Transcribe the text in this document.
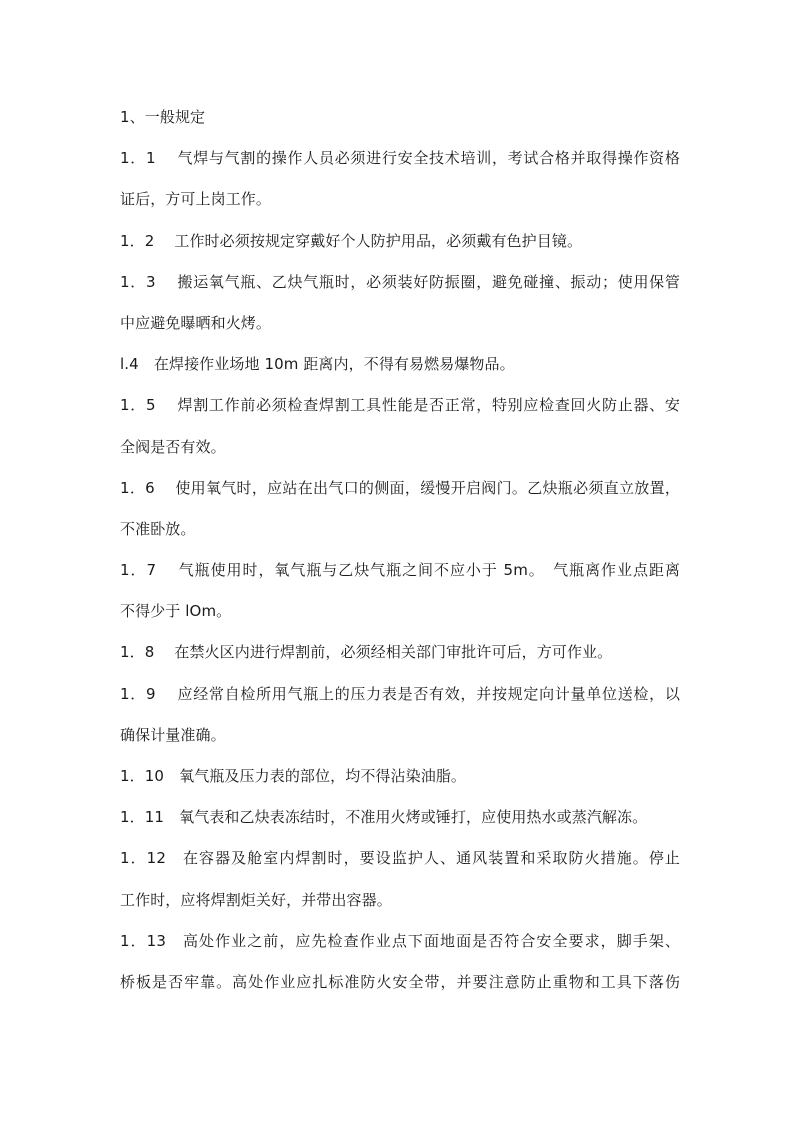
1、一般规定
1．1　 气焊与气割的操作人员必须进行安全技术培训，考试合格并取得操作资格
证后，方可上岗工作。
1．2　 工作时必须按规定穿戴好个人防护用品，必须戴有色护目镜。
1．3　 搬运氧气瓶、乙炔气瓶时，必须装好防振圈，避免碰撞、振动；使用保管
中应避免曝晒和火烤。
l.4　在焊接作业场地 10m 距离内，不得有易燃易爆物品。
1．5　 焊割工作前必须检查焊割工具性能是否正常，特别应检查回火防止器、安
全阀是否有效。
1．6　 使用氧气时，应站在出气口的侧面，缓慢开启阀门。乙炔瓶必须直立放置，
不准卧放。
1．7　 气瓶使用时，氧气瓶与乙炔气瓶之间不应小于 5m。　气瓶离作业点距离
不得少于 lOm。
1．8　 在禁火区内进行焊割前，必须经相关部门审批许可后，方可作业。
1．9　 应经常自检所用气瓶上的压力表是否有效，并按规定向计量单位送检，以
确保计量准确。
1．10　氧气瓶及压力表的部位，均不得沾染油脂。
1．11　氧气表和乙炔表冻结时，不准用火烤或锤打，应使用热水或蒸汽解冻。
1．12　在容器及舱室内焊割时，要设监护人、通风装置和采取防火措施。停止
工作时，应将焊割炬关好，并带出容器。
1．13　高处作业之前，应先检查作业点下面地面是否符合安全要求，脚手架、
桥板是否牢靠。高处作业应扎标准防火安全带，并要注意防止重物和工具下落伤
